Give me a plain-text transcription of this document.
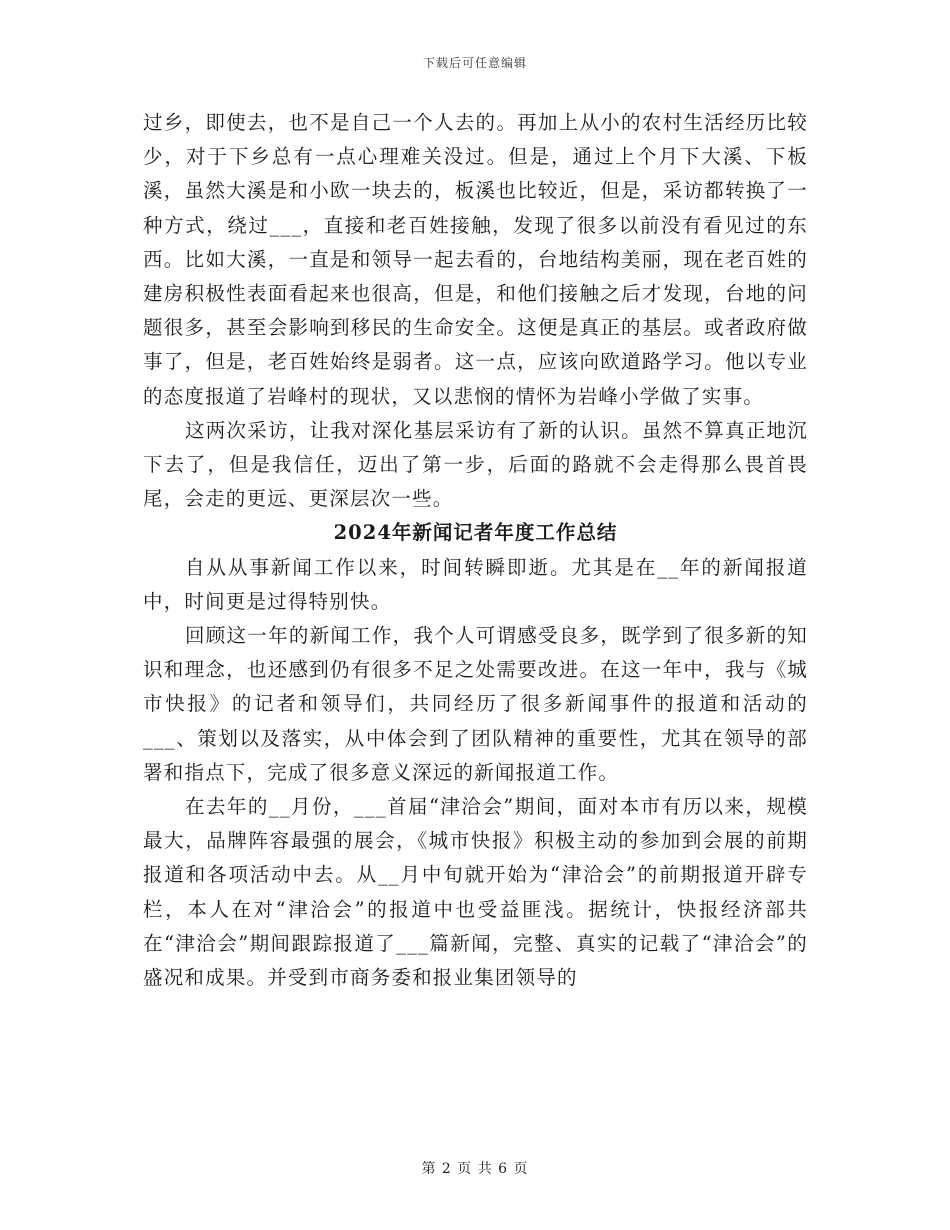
下载后可任意编辑

过乡，即使去，也不是自己一个人去的。再加上从小的农村生活经历比较少，对于下乡总有一点心理难关没过。但是，通过上个月下大溪、下板溪，虽然大溪是和小欧一块去的，板溪也比较近，但是，采访都转换了一种方式，绕过___，直接和老百姓接触，发现了很多以前没有看见过的东西。比如大溪，一直是和领导一起去看的，台地结构美丽，现在老百姓的建房积极性表面看起来也很高，但是，和他们接触之后才发现，台地的问题很多，甚至会影响到移民的生命安全。这便是真正的基层。或者政府做事了，但是，老百姓始终是弱者。这一点，应该向欧道路学习。他以专业的态度报道了岩峰村的现状，又以悲悯的情怀为岩峰小学做了实事。

这两次采访，让我对深化基层采访有了新的认识。虽然不算真正地沉下去了，但是我信任，迈出了第一步，后面的路就不会走得那么畏首畏尾，会走的更远、更深层次一些。

2024年新闻记者年度工作总结

自从从事新闻工作以来，时间转瞬即逝。尤其是在__年的新闻报道中，时间更是过得特别快。

回顾这一年的新闻工作，我个人可谓感受良多，既学到了很多新的知识和理念，也还感到仍有很多不足之处需要改进。在这一年中，我与《城市快报》的记者和领导们，共同经历了很多新闻事件的报道和活动的___、策划以及落实，从中体会到了团队精神的重要性，尤其在领导的部署和指点下，完成了很多意义深远的新闻报道工作。

在去年的__月份，___首届“津洽会”期间，面对本市有历以来，规模最大，品牌阵容最强的展会，《城市快报》积极主动的参加到会展的前期报道和各项活动中去。从__月中旬就开始为“津洽会”的前期报道开辟专栏，本人在对“津洽会”的报道中也受益匪浅。据统计，快报经济部共在“津洽会”期间跟踪报道了___篇新闻，完整、真实的记载了“津洽会”的盛况和成果。并受到市商务委和报业集团领导的

第 2 页 共 6 页
